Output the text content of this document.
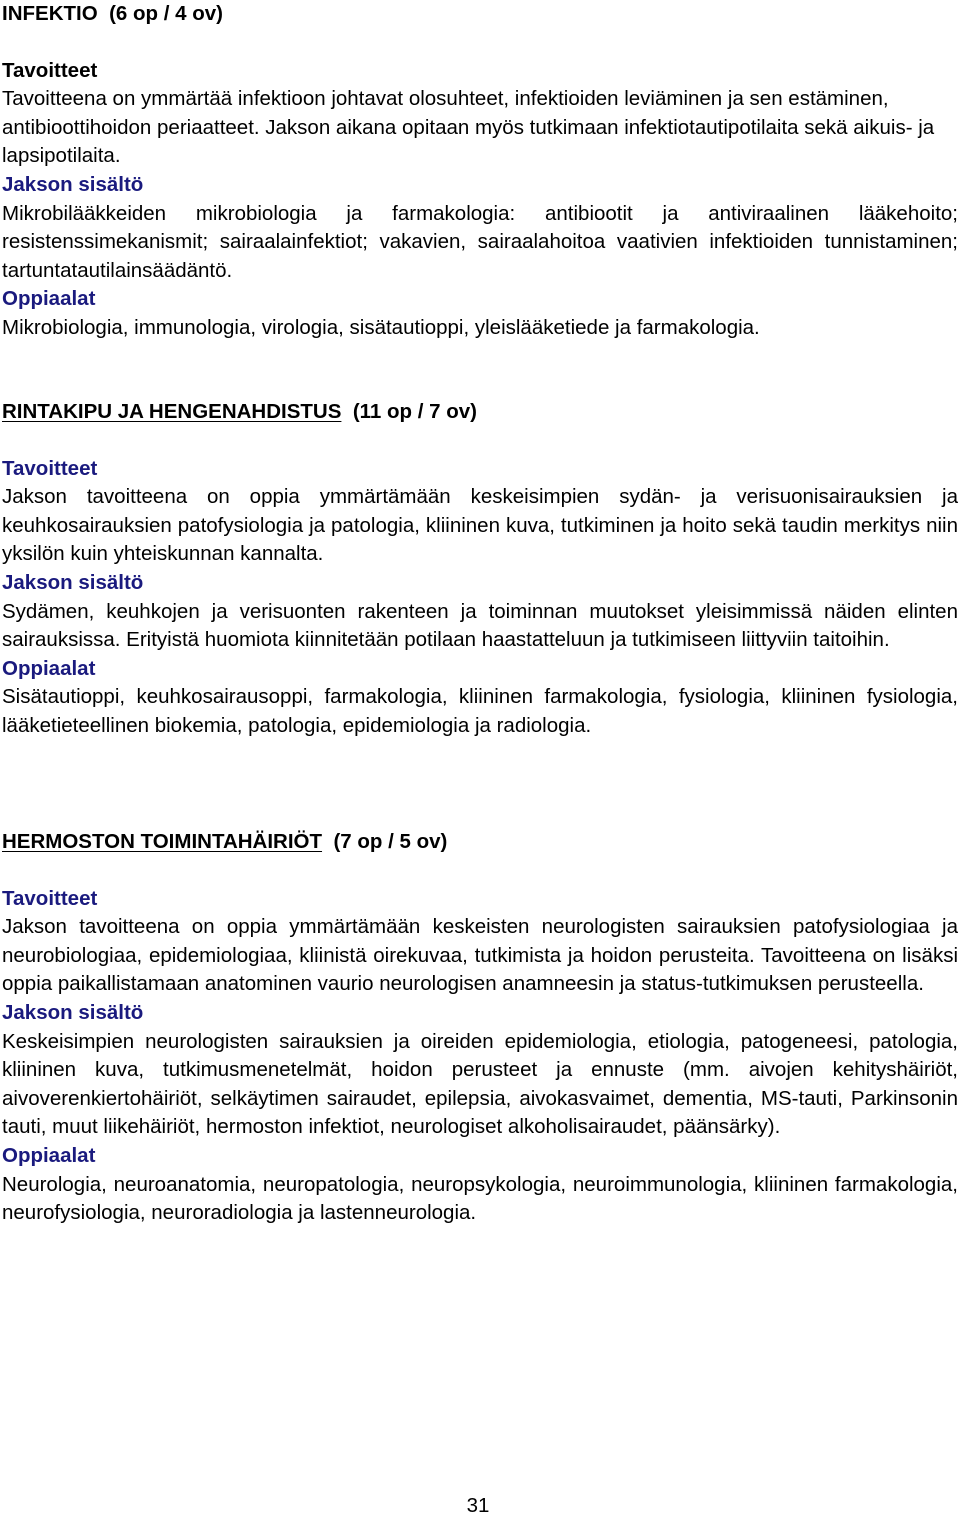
INFEKTIO (6 op / 4 ov)
Tavoitteet
Tavoitteena on ymmärtää infektioon johtavat olosuhteet, infektioiden leviäminen ja sen estäminen, antibioottihoidon periaatteet. Jakson aikana opitaan myös tutkimaan infektiotautipotilaita sekä aikuis- ja lapsipotilaita.
Jakson sisältö
Mikrobilääkkeiden mikrobiologia ja farmakologia: antibiootit ja antiviraalinen lääkehoito; resistenssimekanismit; sairaalainfektiot; vakavien, sairaalahoitoa vaativien infektioiden tunnistaminen; tartuntatautilainsäädäntö.
Oppiaalat
Mikrobiologia, immunologia, virologia, sisätautioppi, yleislääketiede ja farmakologia.
RINTAKIPU JA HENGENAHDISTUS (11 op / 7 ov)
Tavoitteet
Jakson tavoitteena on oppia ymmärtämään keskeisimpien sydän- ja verisuonisairauksien ja keuhkosairauksien patofysiologia ja patologia, kliininen kuva, tutkiminen ja hoito sekä taudin merkitys niin yksilön kuin yhteiskunnan kannalta.
Jakson sisältö
Sydämen, keuhkojen ja verisuonten rakenteen ja toiminnan muutokset yleisimmissä näiden elinten sairauksissa. Erityistä huomiota kiinnitetään potilaan haastatteluun ja tutkimiseen liittyviin taitoihin.
Oppiaalat
Sisätautioppi, keuhkosairausoppi, farmakologia, kliininen farmakologia, fysiologia, kliininen fysiologia, lääketieteellinen biokemia, patologia, epidemiologia ja radiologia.
HERMOSTON TOIMINTAHÄIRIÖT (7 op / 5 ov)
Tavoitteet
Jakson tavoitteena on oppia ymmärtämään keskeisten neurologisten sairauksien patofysiologiaa ja neurobiologiaa, epidemiologiaa, kliinistä oirekuvaa, tutkimista ja hoidon perusteita. Tavoitteena on lisäksi oppia paikallistamaan anatominen vaurio neurologisen anamneesin ja status-tutkimuksen perusteella.
Jakson sisältö
Keskeisimpien neurologisten sairauksien ja oireiden epidemiologia, etiologia, patogeneesi, patologia, kliininen kuva, tutkimusmenetelmät, hoidon perusteet ja ennuste (mm. aivojen kehityshäiriöt, aivoverenkiertohäiriöt, selkäytimen sairaudet, epilepsia, aivokasvaimet, dementia, MS-tauti, Parkinsonin tauti, muut liikehäiriöt, hermoston infektiot, neurologiset alkoholisairaudet, päänsärky).
Oppiaalat
Neurologia, neuroanatomia, neuropatologia, neuropsykologia, neuroimmunologia, kliininen farmakologia, neurofysiologia, neuroradiologia ja lastenneurologia.
31
